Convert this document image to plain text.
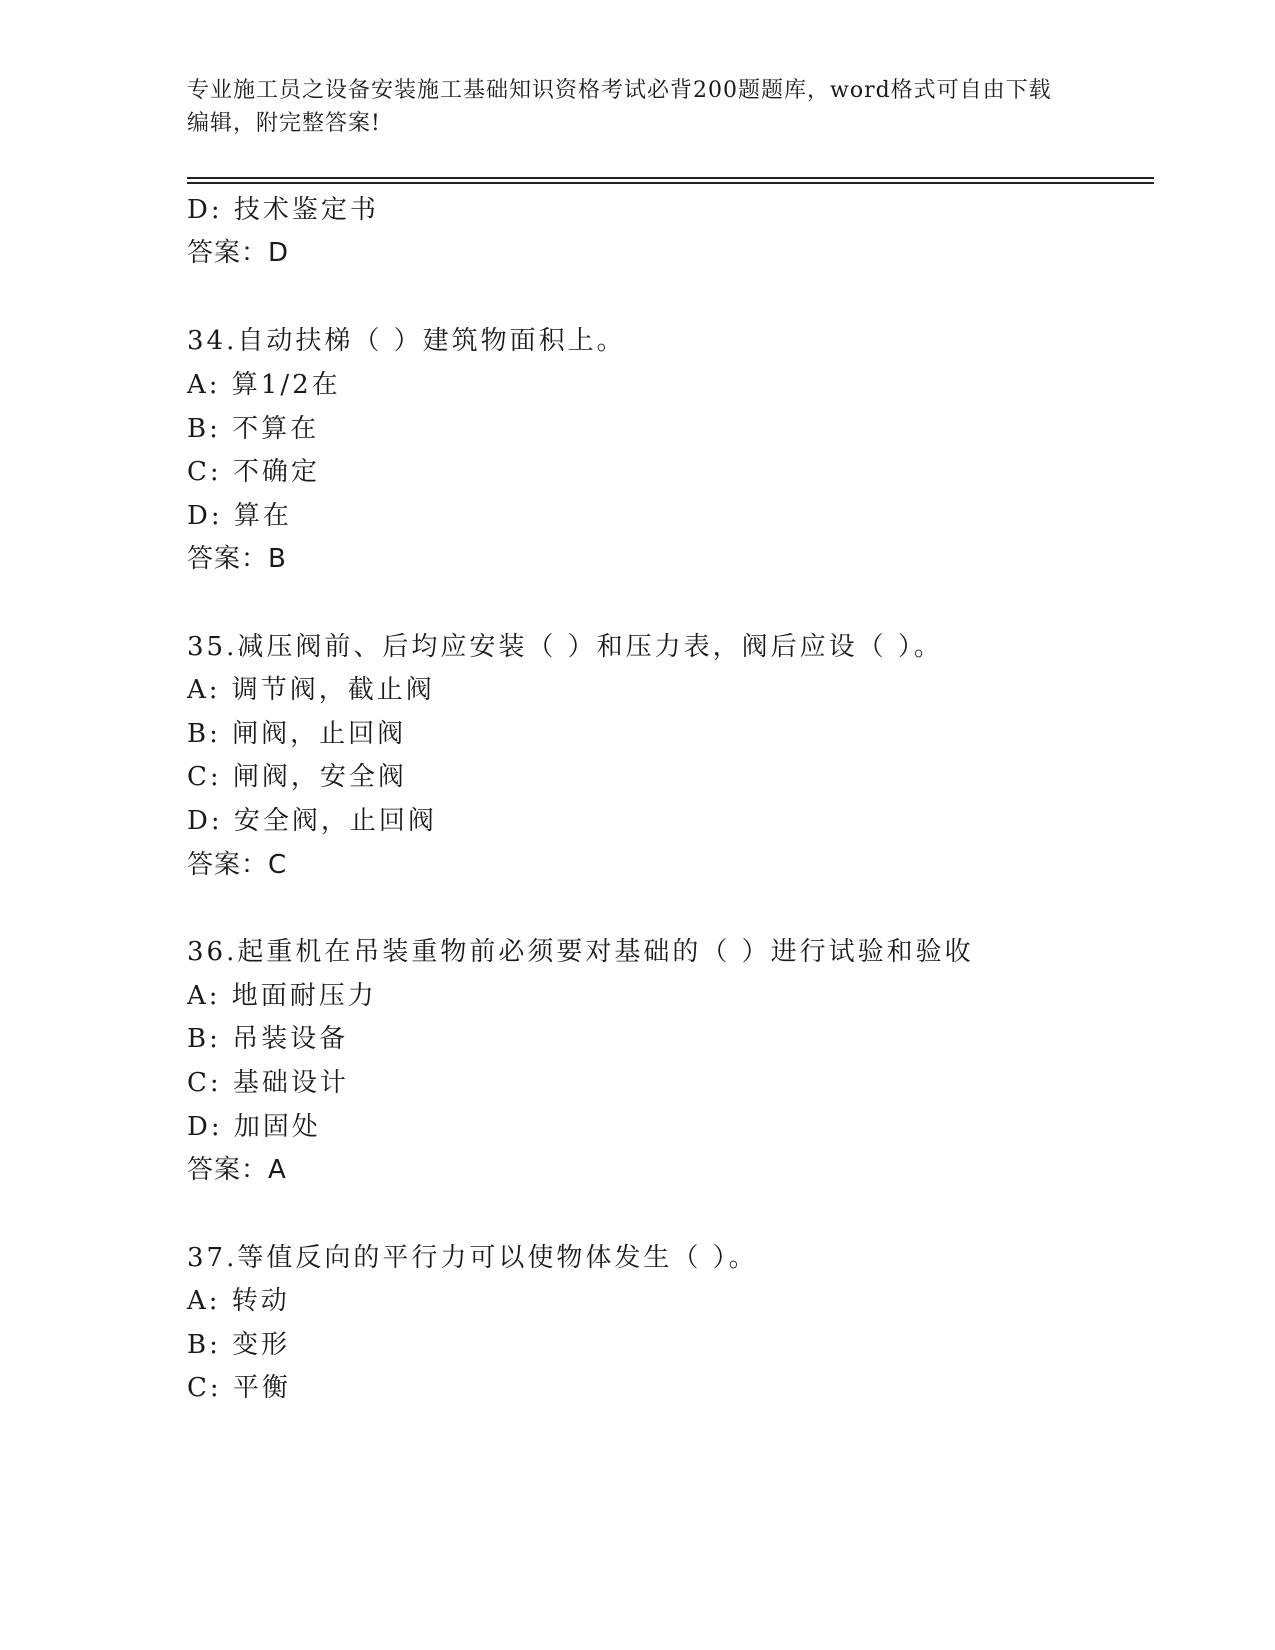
专业施工员之设备安装施工基础知识资格考试必背200题题库，word格式可自由下载编辑，附完整答案!
D: 技术鉴定书
答案：D
34.自动扶梯（ ）建筑物面积上。
A: 算1/2在
B: 不算在
C: 不确定
D: 算在
答案：B
35.减压阀前、后均应安装（ ）和压力表，阀后应设（ ）。
A: 调节阀，截止阀
B: 闸阀，止回阀
C: 闸阀，安全阀
D: 安全阀，止回阀
答案：C
36.起重机在吊装重物前必须要对基础的（ ）进行试验和验收
A: 地面耐压力
B: 吊装设备
C: 基础设计
D: 加固处
答案：A
37.等值反向的平行力可以使物体发生（ ）。
A: 转动
B: 变形
C: 平衡
